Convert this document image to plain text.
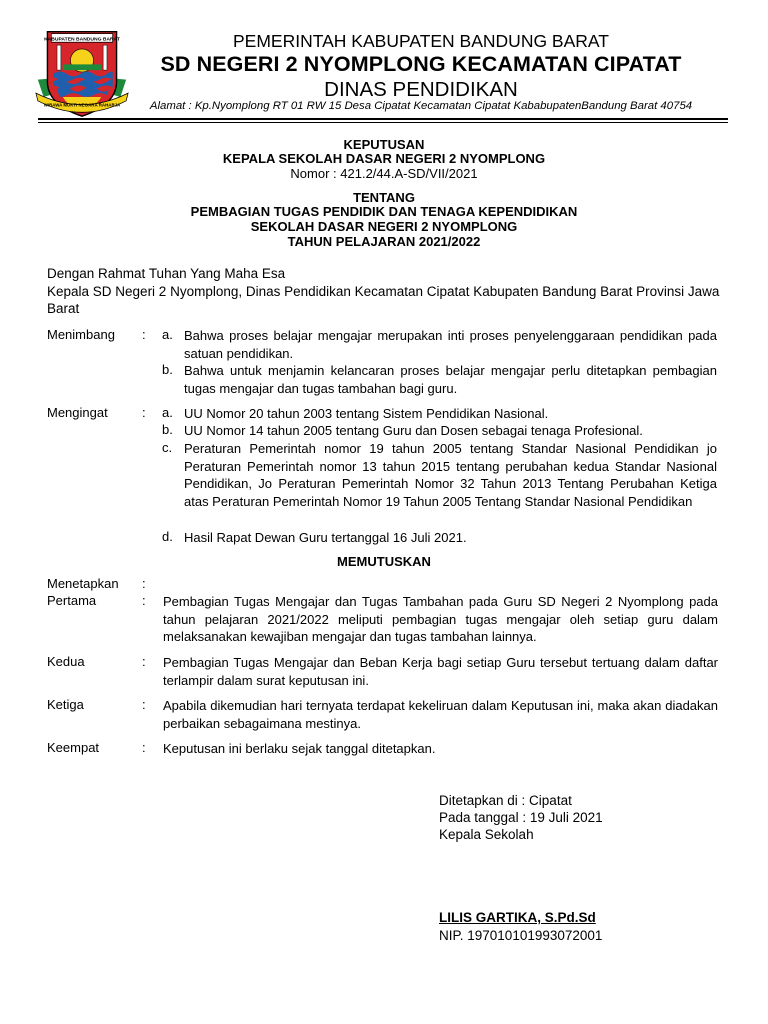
KABUPATEN BANDUNG BARAT
WIBAWA MUKTI NEGARA RAHARJA
PEMERINTAH KABUPATEN BANDUNG BARAT
SD NEGERI 2 NYOMPLONG KECAMATAN CIPATAT
DINAS PENDIDIKAN
Alamat : Kp.Nyomplong RT 01 RW 15 Desa Cipatat Kecamatan Cipatat KababupatenBandung Barat 40754
KEPUTUSAN
KEPALA SEKOLAH DASAR NEGERI 2 NYOMPLONG
Nomor : 421.2/44.A-SD/VII/2021
TENTANG
PEMBAGIAN TUGAS PENDIDIK DAN TENAGA KEPENDIDIKAN
SEKOLAH DASAR NEGERI 2 NYOMPLONG
TAHUN PELAJARAN 2021/2022
Dengan Rahmat Tuhan Yang Maha Esa
Kepala SD Negeri 2 Nyomplong, Dinas Pendidikan Kecamatan Cipatat Kabupaten Bandung Barat Provinsi Jawa Barat
Menimbang : a. Bahwa proses belajar mengajar merupakan inti proses penyelenggaraan pendidikan pada satuan pendidikan.
b. Bahwa untuk menjamin kelancaran proses belajar mengajar perlu ditetapkan pembagian tugas mengajar dan tugas tambahan bagi guru.
Mengingat	: a. UU Nomor 20 tahun 2003 tentang Sistem Pendidikan Nasional.
b. UU Nomor 14 tahun 2005 tentang Guru dan Dosen sebagai tenaga Profesional.
c. Peraturan Pemerintah nomor 19 tahun 2005 tentang Standar Nasional Pendidikan jo Peraturan Pemerintah nomor 13 tahun 2015 tentang perubahan kedua Standar Nasional Pendidikan, Jo Peraturan Pemerintah Nomor 32 Tahun 2013 Tentang Perubahan Ketiga atas Peraturan Pemerintah Nomor 19 Tahun 2005 Tentang Standar Nasional Pendidikan
d. Hasil Rapat Dewan Guru tertanggal 16 Juli 2021.
MEMUTUSKAN
Menetapkan :
Pertama	: Pembagian Tugas Mengajar dan Tugas Tambahan pada Guru SD Negeri 2 Nyomplong pada tahun pelajaran 2021/2022 meliputi pembagian tugas mengajar oleh setiap guru dalam melaksanakan kewajiban mengajar dan tugas tambahan lainnya.
Kedua	: Pembagian Tugas Mengajar dan Beban Kerja bagi setiap Guru tersebut tertuang dalam daftar terlampir dalam surat keputusan ini.
Ketiga	: Apabila dikemudian hari ternyata terdapat kekeliruan dalam Keputusan ini, maka akan diadakan perbaikan sebagaimana mestinya.
Keempat	: Keputusan ini berlaku sejak tanggal ditetapkan.
Ditetapkan di : Cipatat
Pada tanggal : 19 Juli 2021
Kepala Sekolah
LILIS GARTIKA, S.Pd.Sd
NIP. 197010101993072001
